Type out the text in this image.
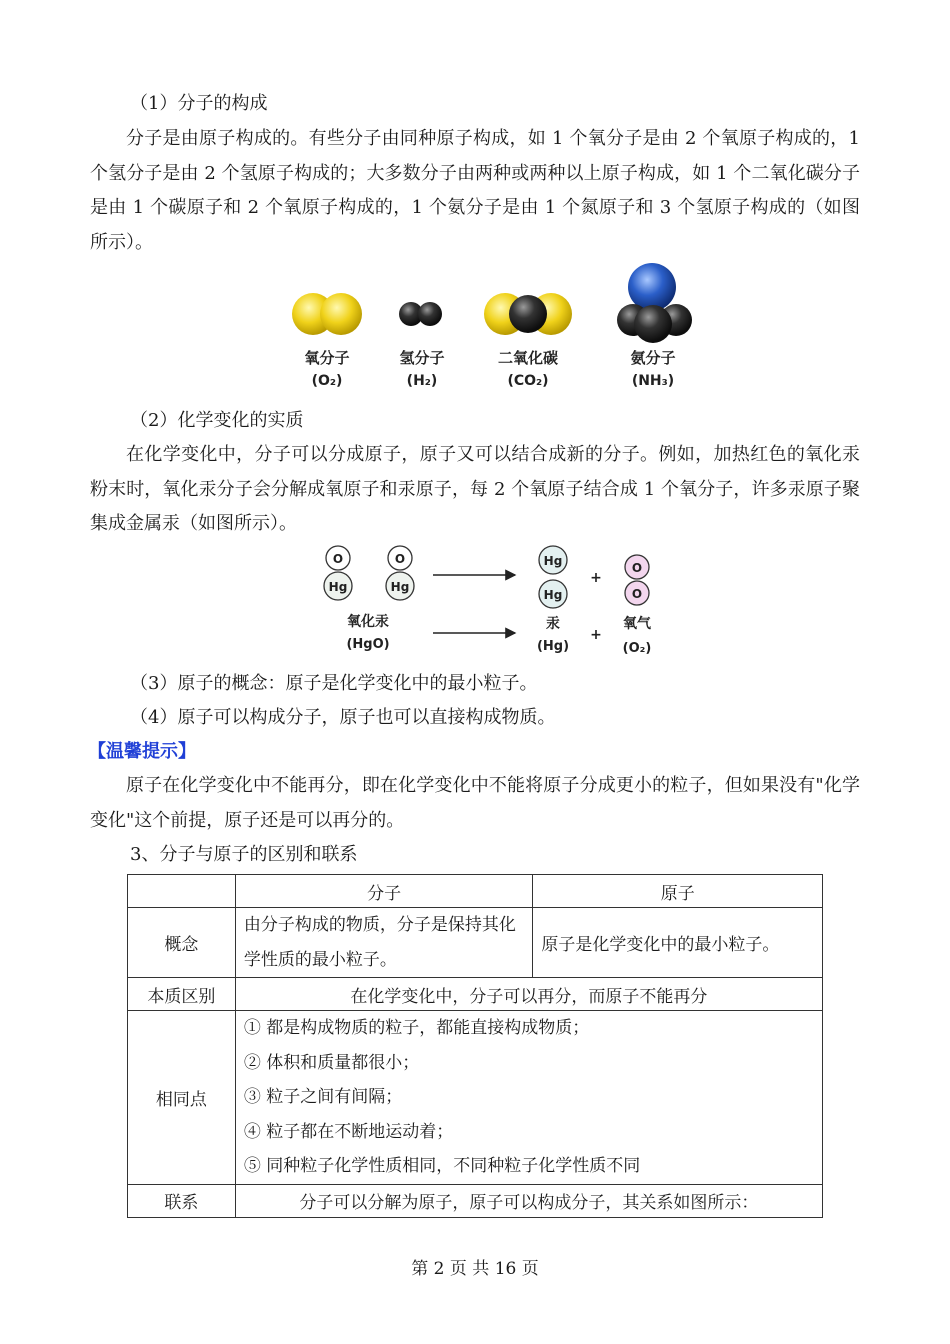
（1）分子的构成

分子是由原子构成的。有些分子由同种原子构成，如 1 个氧分子是由 2 个氧原子构成的，1 个氢分子是由 2 个氢原子构成的；大多数分子由两种或两种以上原子构成，如 1 个二氧化碳分子是由 1 个碳原子和 2 个氧原子构成的，1 个氨分子是由 1 个氮原子和 3 个氢原子构成的（如图所示）。

氧分子
(O₂)
氢分子
(H₂)
二氧化碳
(CO₂)
氨分子
(NH₃)

（2）化学变化的实质

在化学变化中，分子可以分成原子，原子又可以结合成新的分子。例如，加热红色的氧化汞粉末时，氧化汞分子会分解成氧原子和汞原子，每 2 个氧原子结合成 1 个氧分子，许多汞原子聚集成金属汞（如图所示）。

O
Hg
O
Hg
Hg
Hg
+
+
O
O
氧化汞
(HgO)
汞
(Hg)
氧气
(O₂)

（3）原子的概念：原子是化学变化中的最小粒子。

（4）原子可以构成分子，原子也可以直接构成物质。

【温馨提示】

原子在化学变化中不能再分，即在化学变化中不能将原子分成更小的粒子，但如果没有"化学变化"这个前提，原子还是可以再分的。

3、分子与原子的区别和联系

	分子	原子
概念	由分子构成的物质，分子是保持其化学性质的最小粒子。	原子是化学变化中的最小粒子。
本质区别	在化学变化中，分子可以再分，而原子不能再分	
相同点	① 都是构成物质的粒子，都能直接构成物质；
② 体积和质量都很小；
③ 粒子之间有间隔；
④ 粒子都在不断地运动着；
⑤ 同种粒子化学性质相同，不同种粒子化学性质不同	

联系	分子可以分解为原子，原子可以构成分子，其关系如图所示：	
第 2 页 共 16 页
